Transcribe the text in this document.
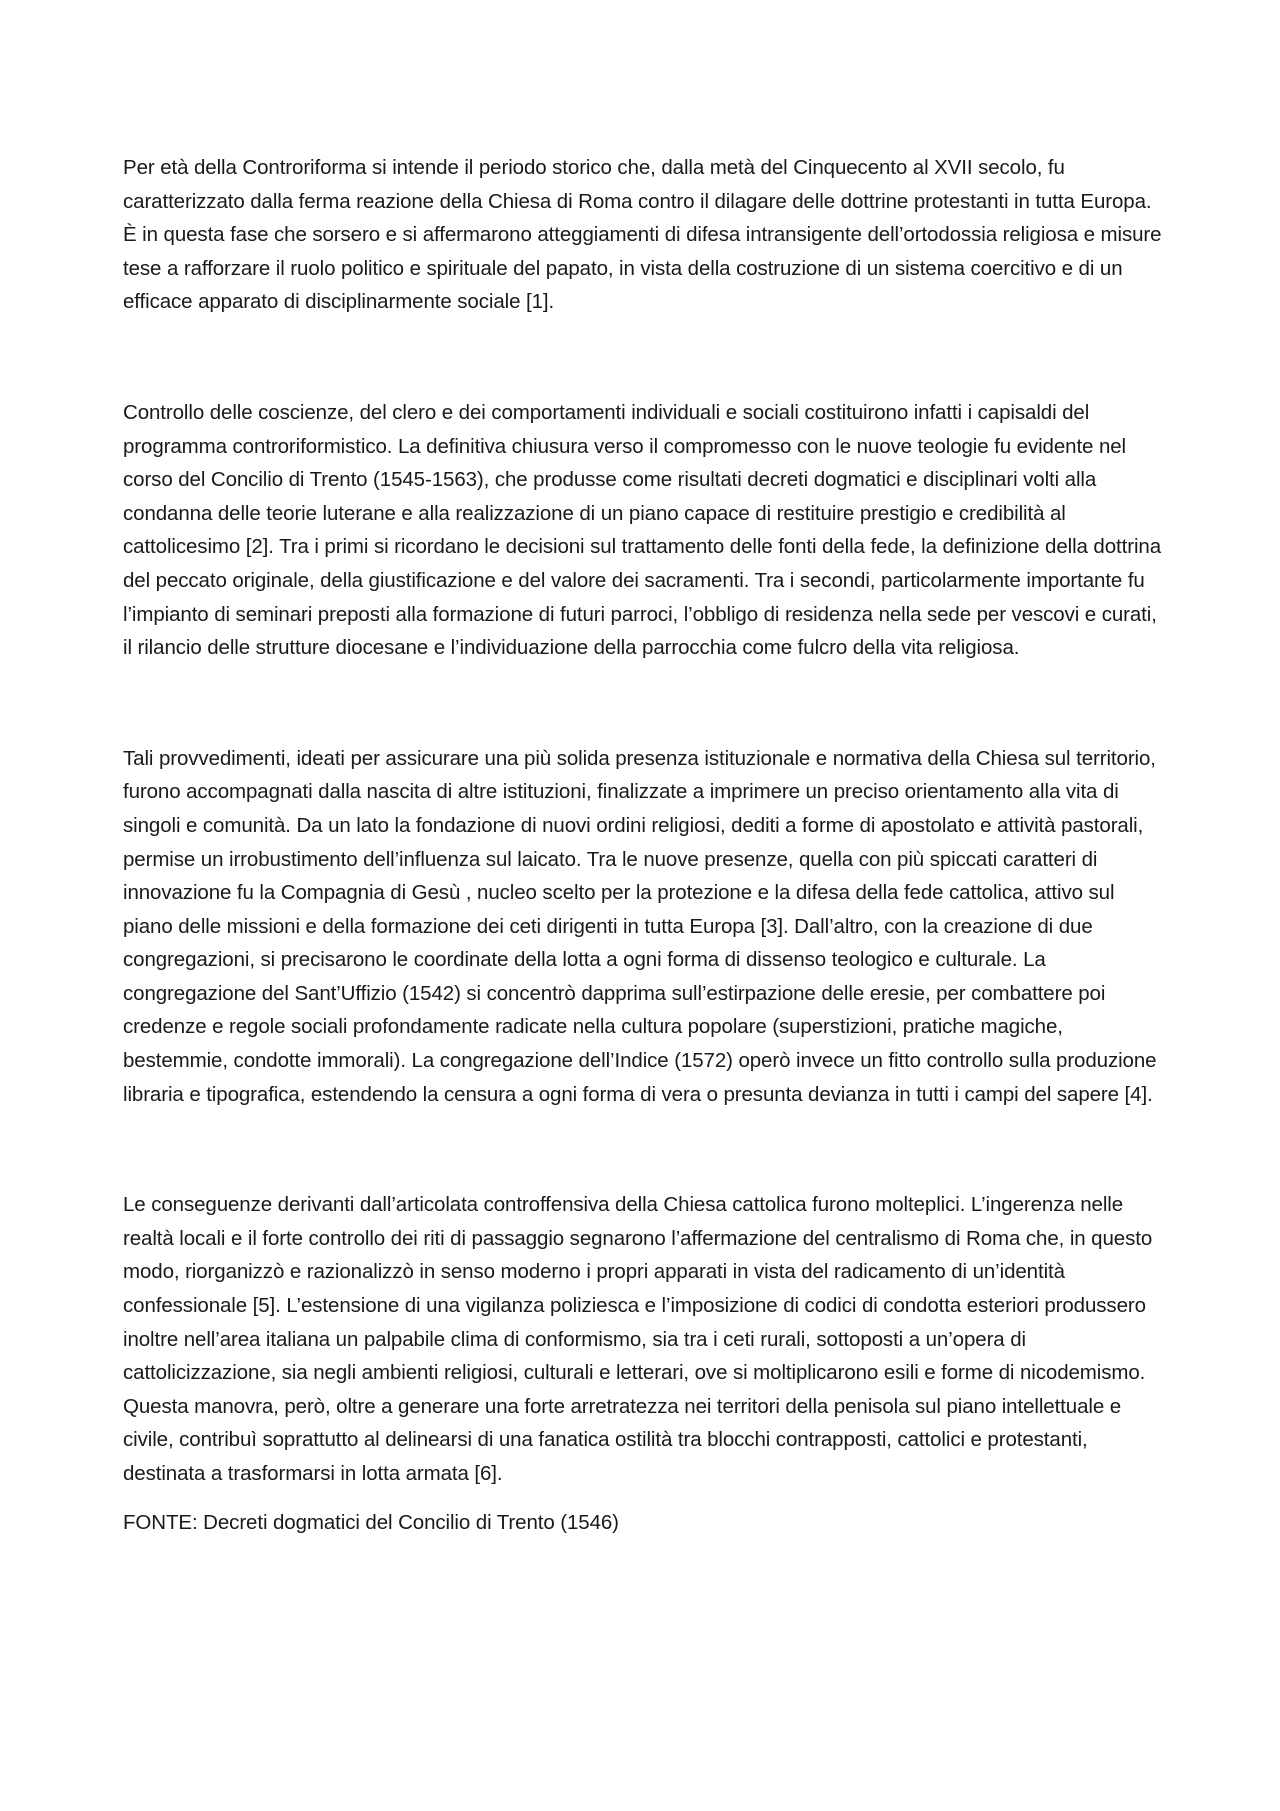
Per età della Controriforma si intende il periodo storico che, dalla metà del Cinquecento al XVII secolo, fu caratterizzato dalla ferma reazione della Chiesa di Roma contro il dilagare delle dottrine protestanti in tutta Europa. È in questa fase che sorsero e si affermarono atteggiamenti di difesa intransigente dell’ortodossia religiosa e misure tese a rafforzare il ruolo politico e spirituale del papato, in vista della costruzione di un sistema coercitivo e di un efficace apparato di disciplinarmente sociale [1].

Controllo delle coscienze, del clero e dei comportamenti individuali e sociali costituirono infatti i capisaldi del programma controriformistico. La definitiva chiusura verso il compromesso con le nuove teologie fu evidente nel corso del Concilio di Trento (1545-1563), che produsse come risultati decreti dogmatici e disciplinari volti alla condanna delle teorie luterane e alla realizzazione di un piano capace di restituire prestigio e credibilità al cattolicesimo [2]. Tra i primi si ricordano le decisioni sul trattamento delle fonti della fede, la definizione della dottrina del peccato originale, della giustificazione e del valore dei sacramenti. Tra i secondi, particolarmente importante fu l’impianto di seminari preposti alla formazione di futuri parroci, l’obbligo di residenza nella sede per vescovi e curati, il rilancio delle strutture diocesane e l’individuazione della parrocchia come fulcro della vita religiosa.

Tali provvedimenti, ideati per assicurare una più solida presenza istituzionale e normativa della Chiesa sul territorio, furono accompagnati dalla nascita di altre istituzioni, finalizzate a imprimere un preciso orientamento alla vita di singoli e comunità. Da un lato la fondazione di nuovi ordini religiosi, dediti a forme di apostolato e attività pastorali, permise un irrobustimento dell’influenza sul laicato. Tra le nuove presenze, quella con più spiccati caratteri di innovazione fu la Compagnia di Gesù , nucleo scelto per la protezione e la difesa della fede cattolica, attivo sul piano delle missioni e della formazione dei ceti dirigenti in tutta Europa [3]. Dall’altro, con la creazione di due congregazioni, si precisarono le coordinate della lotta a ogni forma di dissenso teologico e culturale. La congregazione del Sant’Uffizio (1542) si concentrò dapprima sull’estirpazione delle eresie, per combattere poi credenze e regole sociali profondamente radicate nella cultura popolare (superstizioni, pratiche magiche, bestemmie, condotte immorali). La congregazione dell’Indice (1572) operò invece un fitto controllo sulla produzione libraria e tipografica, estendendo la censura a ogni forma di vera o presunta devianza in tutti i campi del sapere [4].

Le conseguenze derivanti dall’articolata controffensiva della Chiesa cattolica furono molteplici. L’ingerenza nelle realtà locali e il forte controllo dei riti di passaggio segnarono l’affermazione del centralismo di Roma che, in questo modo, riorganizzò e razionalizzò in senso moderno i propri apparati in vista del radicamento di un’identità confessionale [5]. L’estensione di una vigilanza poliziesca e l’imposizione di codici di condotta esteriori produssero inoltre nell’area italiana un palpabile clima di conformismo, sia tra i ceti rurali, sottoposti a un’opera di cattolicizzazione, sia negli ambienti religiosi, culturali e letterari, ove si moltiplicarono esili e forme di nicodemismo. Questa manovra, però, oltre a generare una forte arretratezza nei territori della penisola sul piano intellettuale e civile, contribuì soprattutto al delinearsi di una fanatica ostilità tra blocchi contrapposti, cattolici e protestanti, destinata a trasformarsi in lotta armata [6].

FONTE: Decreti dogmatici del Concilio di Trento (1546)
